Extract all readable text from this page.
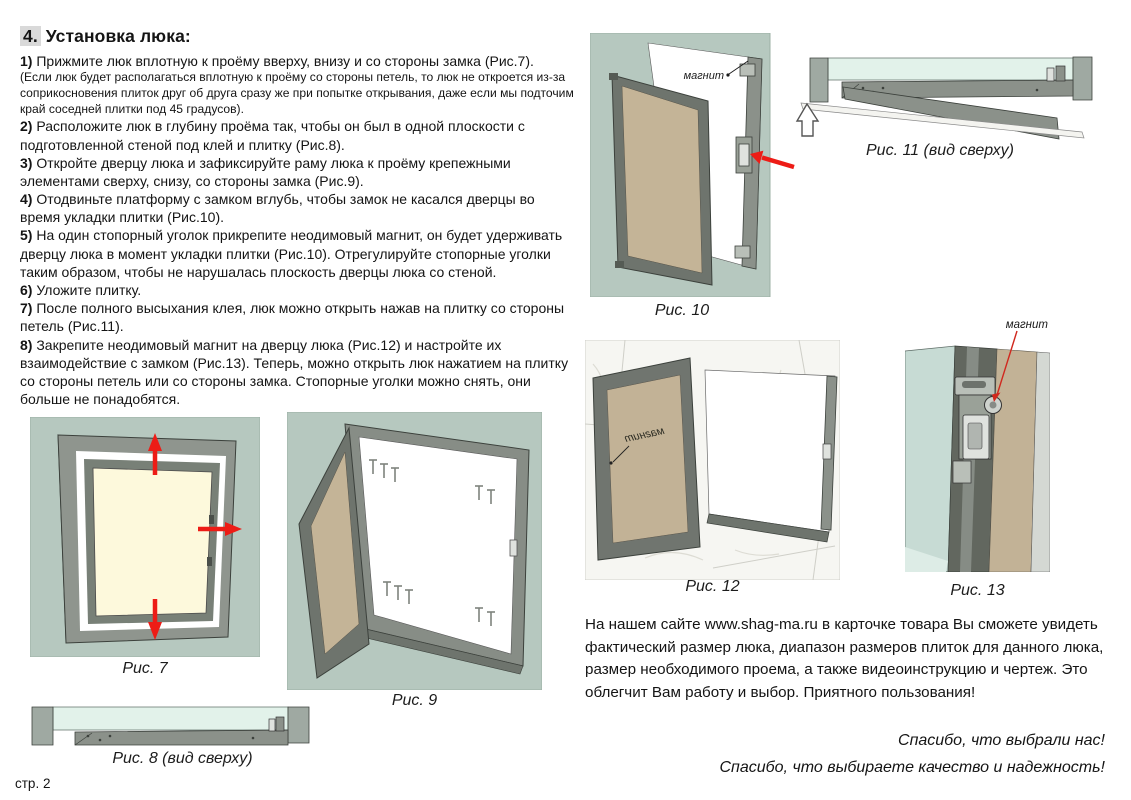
4. Установка люка:

1) Прижмите люк вплотную к проёму вверху, внизу и со стороны замка (Рис.7).

(Если люк будет располагаться вплотную к проёму со стороны петель, то люк не откроется из-за соприкосновения плиток друг об друга сразу же при попытке открывания, даже если мы подточим край соседней плитки под 45 градусов).

2) Расположите люк в глубину проёма так, чтобы он был в одной плоскости с подготовленной стеной под клей и плитку (Рис.8).

3) Откройте дверцу люка и зафиксируйте раму люка к проёму крепежными элементами сверху, снизу, со стороны замка (Рис.9).

4) Отодвиньте платформу с замком вглубь, чтобы замок не касался дверцы во время укладки плитки (Рис.10).

5) На один стопорный уголок прикрепите неодимовый магнит, он будет удерживать дверцу люка в момент укладки плитки (Рис.10). Отрегулируйте стопорные уголки таким образом, чтобы не нарушалась плоскость дверцы люка со стеной.

6) Уложите плитку.

7) После полного высыхания клея, люк можно открыть нажав на плитку со стороны петель (Рис.11).

8) Закрепите неодимовый магнит на дверцу люка (Рис.12) и настройте их взаимодействие с замком (Рис.13). Теперь, можно открыть люк нажатием на плитку со стороны петель или со стороны замка. Стопорные уголки можно снять, они больше не понадобятся.

Рис. 7
Рис. 9
Рис. 8 (вид сверху)
магнит
Рис. 10
Рис. 11 (вид сверху)
магнит
Рис. 12
магнит
Рис. 13
На нашем сайте www.shag-ma.ru в карточке товара Вы сможете увидеть фактический размер люка, диапазон размеров плиток для данного люка, размер необходимого проема, а также видеоинструкцию и чертеж. Это облегчит Вам работу и выбор. Приятного пользования!
Спасибо, что выбрали нас!
Спасибо, что выбираете качество и надежность!
стр. 2
